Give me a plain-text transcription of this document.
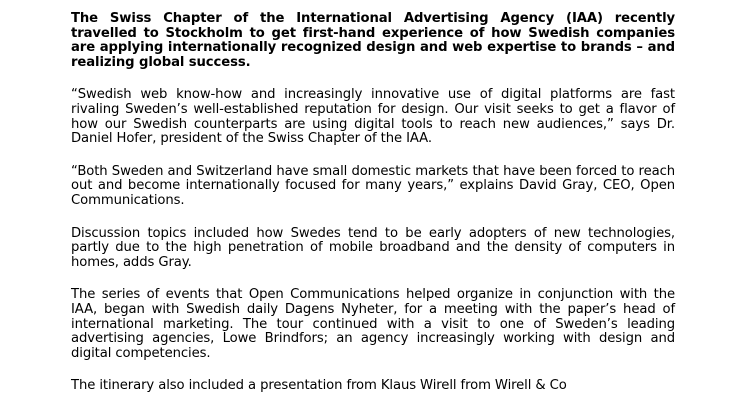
The Swiss Chapter of the International Advertising Agency (IAA) recently travelled to Stockholm to get first-hand experience of how Swedish companies are applying internationally recognized design and web expertise to brands – and realizing global success.

“Swedish web know-how and increasingly innovative use of digital platforms are fast rivaling Sweden’s well-established reputation for design. Our visit seeks to get a flavor of how our Swedish counterparts are using digital tools to reach new audiences,” says Dr. Daniel Hofer, president of the Swiss Chapter of the IAA.

“Both Sweden and Switzerland have small domestic markets that have been forced to reach out and become internationally focused for many years,” explains David Gray, CEO, Open Communications.

Discussion topics included how Swedes tend to be early adopters of new technologies, partly due to the high penetration of mobile broadband and the density of computers in homes, adds Gray.

The series of events that Open Communications helped organize in conjunction with the IAA, began with Swedish daily Dagens Nyheter, for a meeting with the paper’s head of international marketing. The tour continued with a visit to one of Sweden’s leading advertising agencies, Lowe Brindfors; an agency increasingly working with design and digital competencies.

The itinerary also included a presentation from Klaus Wirell from Wirell & Co
